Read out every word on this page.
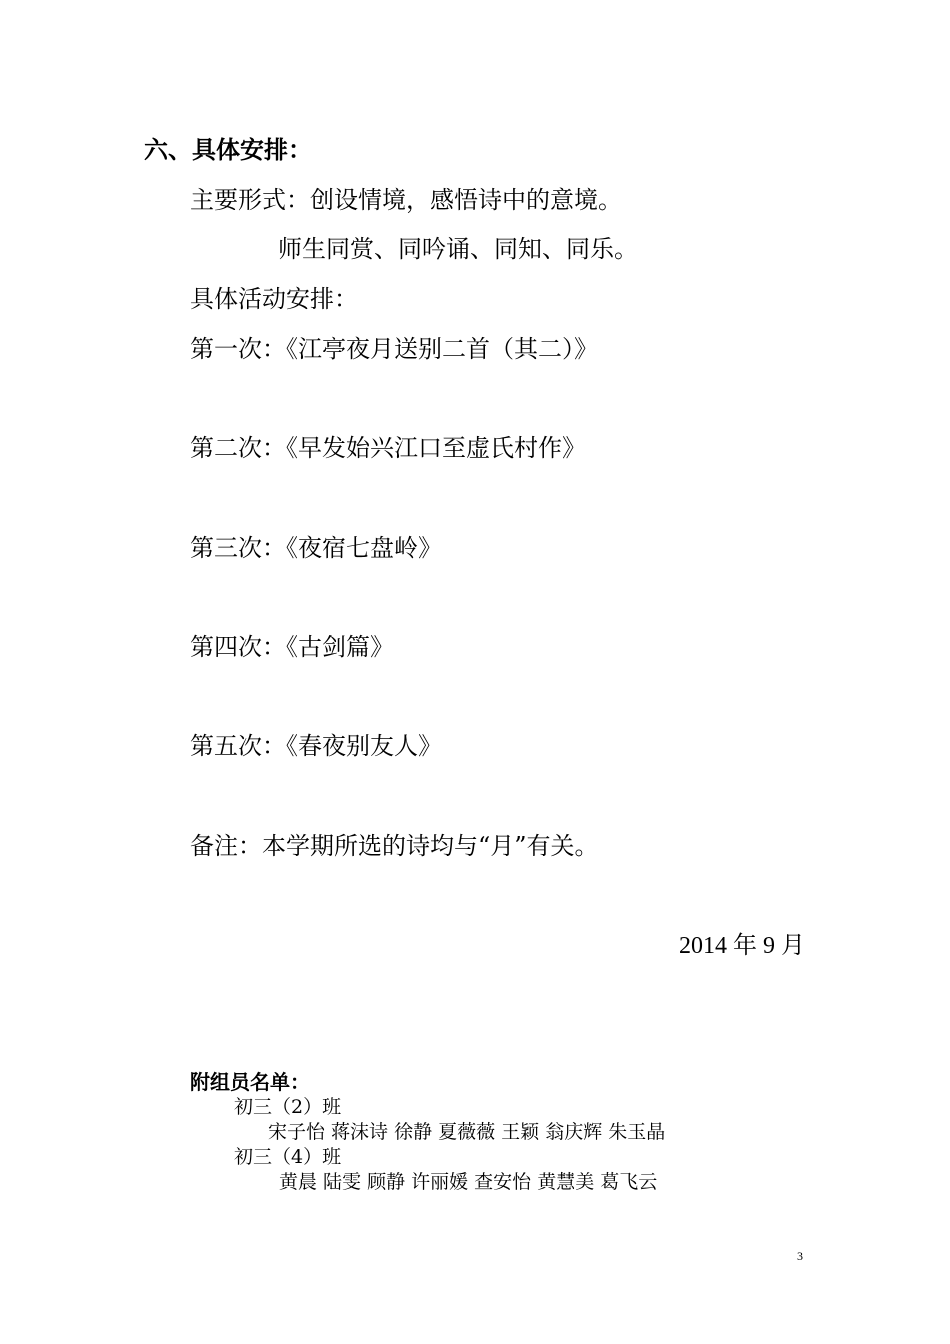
六、具体安排：
主要形式：创设情境，感悟诗中的意境。
师生同赏、同吟诵、同知、同乐。
具体活动安排：
第一次：《江亭夜月送别二首（其二）》
第二次：《早发始兴江口至虚氏村作》
第三次：《夜宿七盘岭》
第四次：《古剑篇》
第五次：《春夜别友人》
备注：本学期所选的诗均与“月”有关。
2014 年 9 月
附组员名单：
初三（2）班
宋子怡 蒋沫诗 徐静 夏薇薇 王颖 翁庆辉 朱玉晶
初三（4）班
黄晨 陆雯 顾静 许丽媛 查安怡 黄慧美 葛飞云
3
